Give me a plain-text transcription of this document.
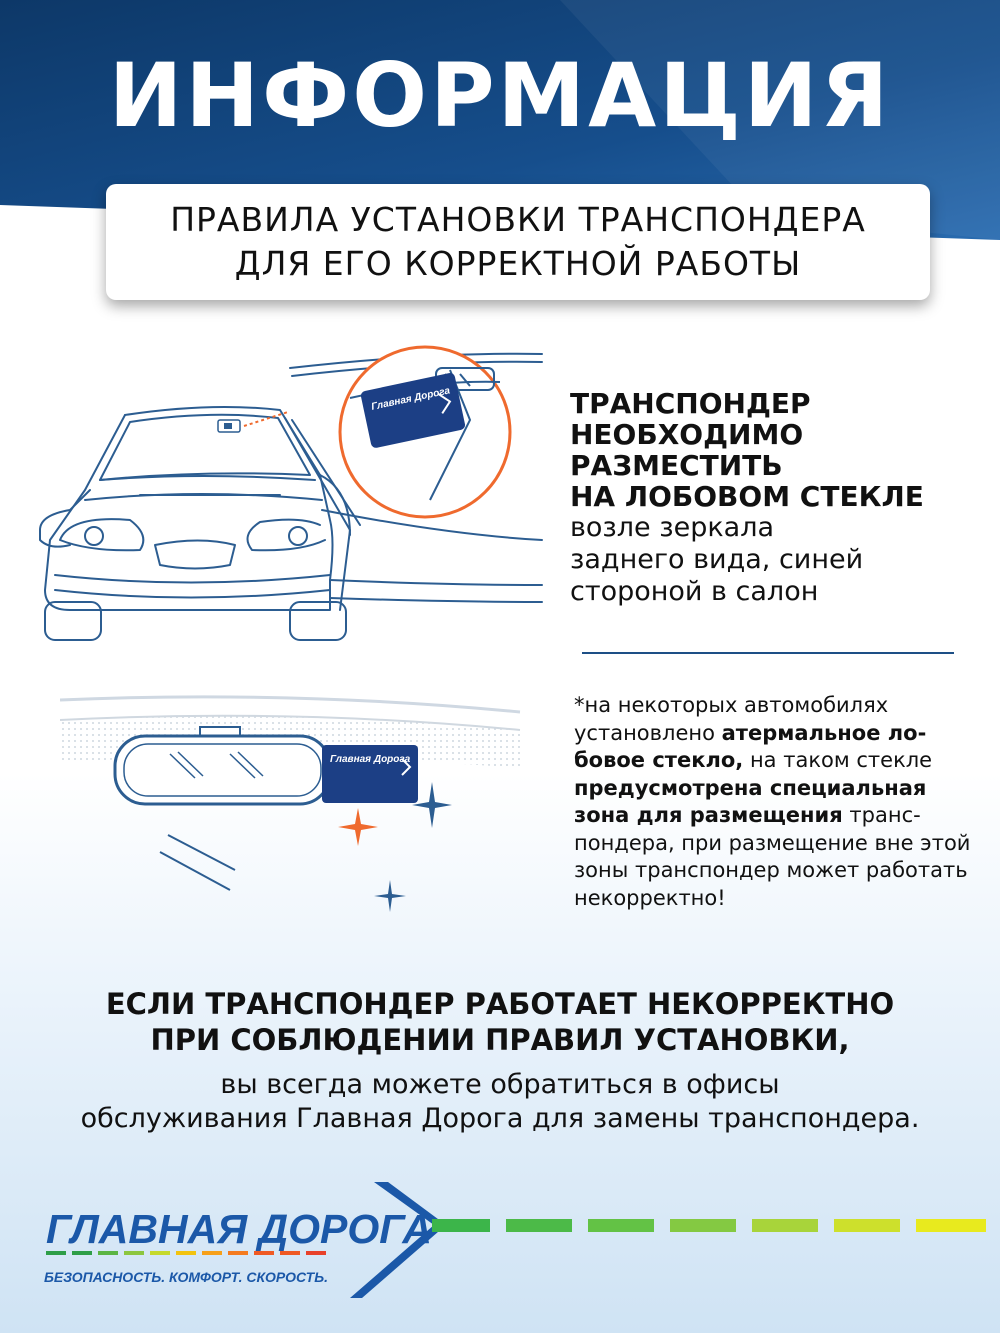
ИНФОРМАЦИЯ
ПРАВИЛА УСТАНОВКИ ТРАНСПОНДЕРА
ДЛЯ ЕГО КОРРЕКТНОЙ РАБОТЫ
Главная Дорога	ТРАНСПОНДЕР
НЕОБХОДИМО РАЗМЕСТИТЬ
НА ЛОБОВОМ СТЕКЛЕ
возле зеркала
заднего вида, синей
стороной в салон
Главная Дорога
*на некоторых автомобилях установлено атермальное лобовое стекло, на таком стекле предусмотрена специальная зона для размещения транспондера, при размещение вне этой зоны транспондер может работать некорректно!
ЕСЛИ ТРАНСПОНДЕР РАБОТАЕТ НЕКОРРЕКТНО
ПРИ СОБЛЮДЕНИИ ПРАВИЛ УСТАНОВКИ,
вы всегда можете обратиться в офисы
обслуживания Главная Дорога для замены транспондера.
ГЛАВНАЯ ДОРОГА
БЕЗОПАСНОСТЬ. КОМФОРТ. СКОРОСТЬ.
